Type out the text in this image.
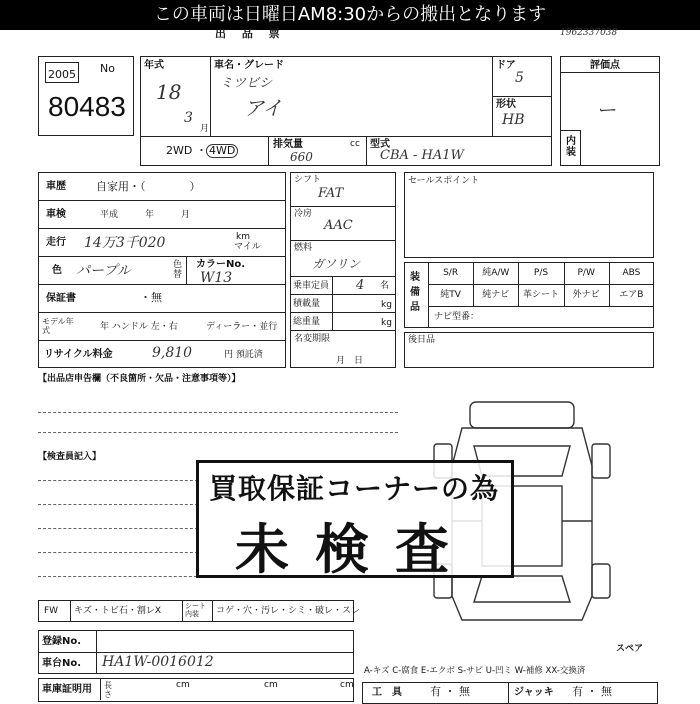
この車両は日曜日AM8:30からの搬出となります
出 品 票	1962337038
2005 No
80483
年式
18
3
月
車名・グレード
ミツビシ
アイ
ドア
5
形状
HB
2WD ・ 4WD	排気量
660
cc 型式
CBA - HA1W
評価点
ー
内装
車歴	自家用・（　　　　）
車検	平成　　　年　　　月
走行 14万3千020	km
マイル
色 パープル	色替
カラーNo.
W13
保証書	・無
モデル年式	年 ハンドル 左・右	ディーラー・並行
リサイクル料金	9,810	円 預託済
シフト
FAT
冷房
AAC
燃料
ガソリン
乗車定員 4 名
積載量	kg
総重量	kg
名変期限
月　日
セールスポイント
装備品
S/R	純A/W	P/S	P/W	ABS
純TV	純ナビ	革シート	外ナビ	エアB
ナビ型番：
後日品
【出品店申告欄（不良箇所・欠品・注意事項等）】
【検査員記入】
買取保証コーナーの為
未検査
FW キズ・トビ石・割レX	シート内装	コゲ・穴・汚レ・シミ・破レ・スレ
登録No.
車台No. HA1W-0016012
車庫証明用 長さ
cm	cm	cm
スペア
A-キズ C-腐食 E-エクボ S-サビ U-凹ミ W-補修 XX-交換済
工　具	有 ・ 無	ジャッキ 有 ・ 無
